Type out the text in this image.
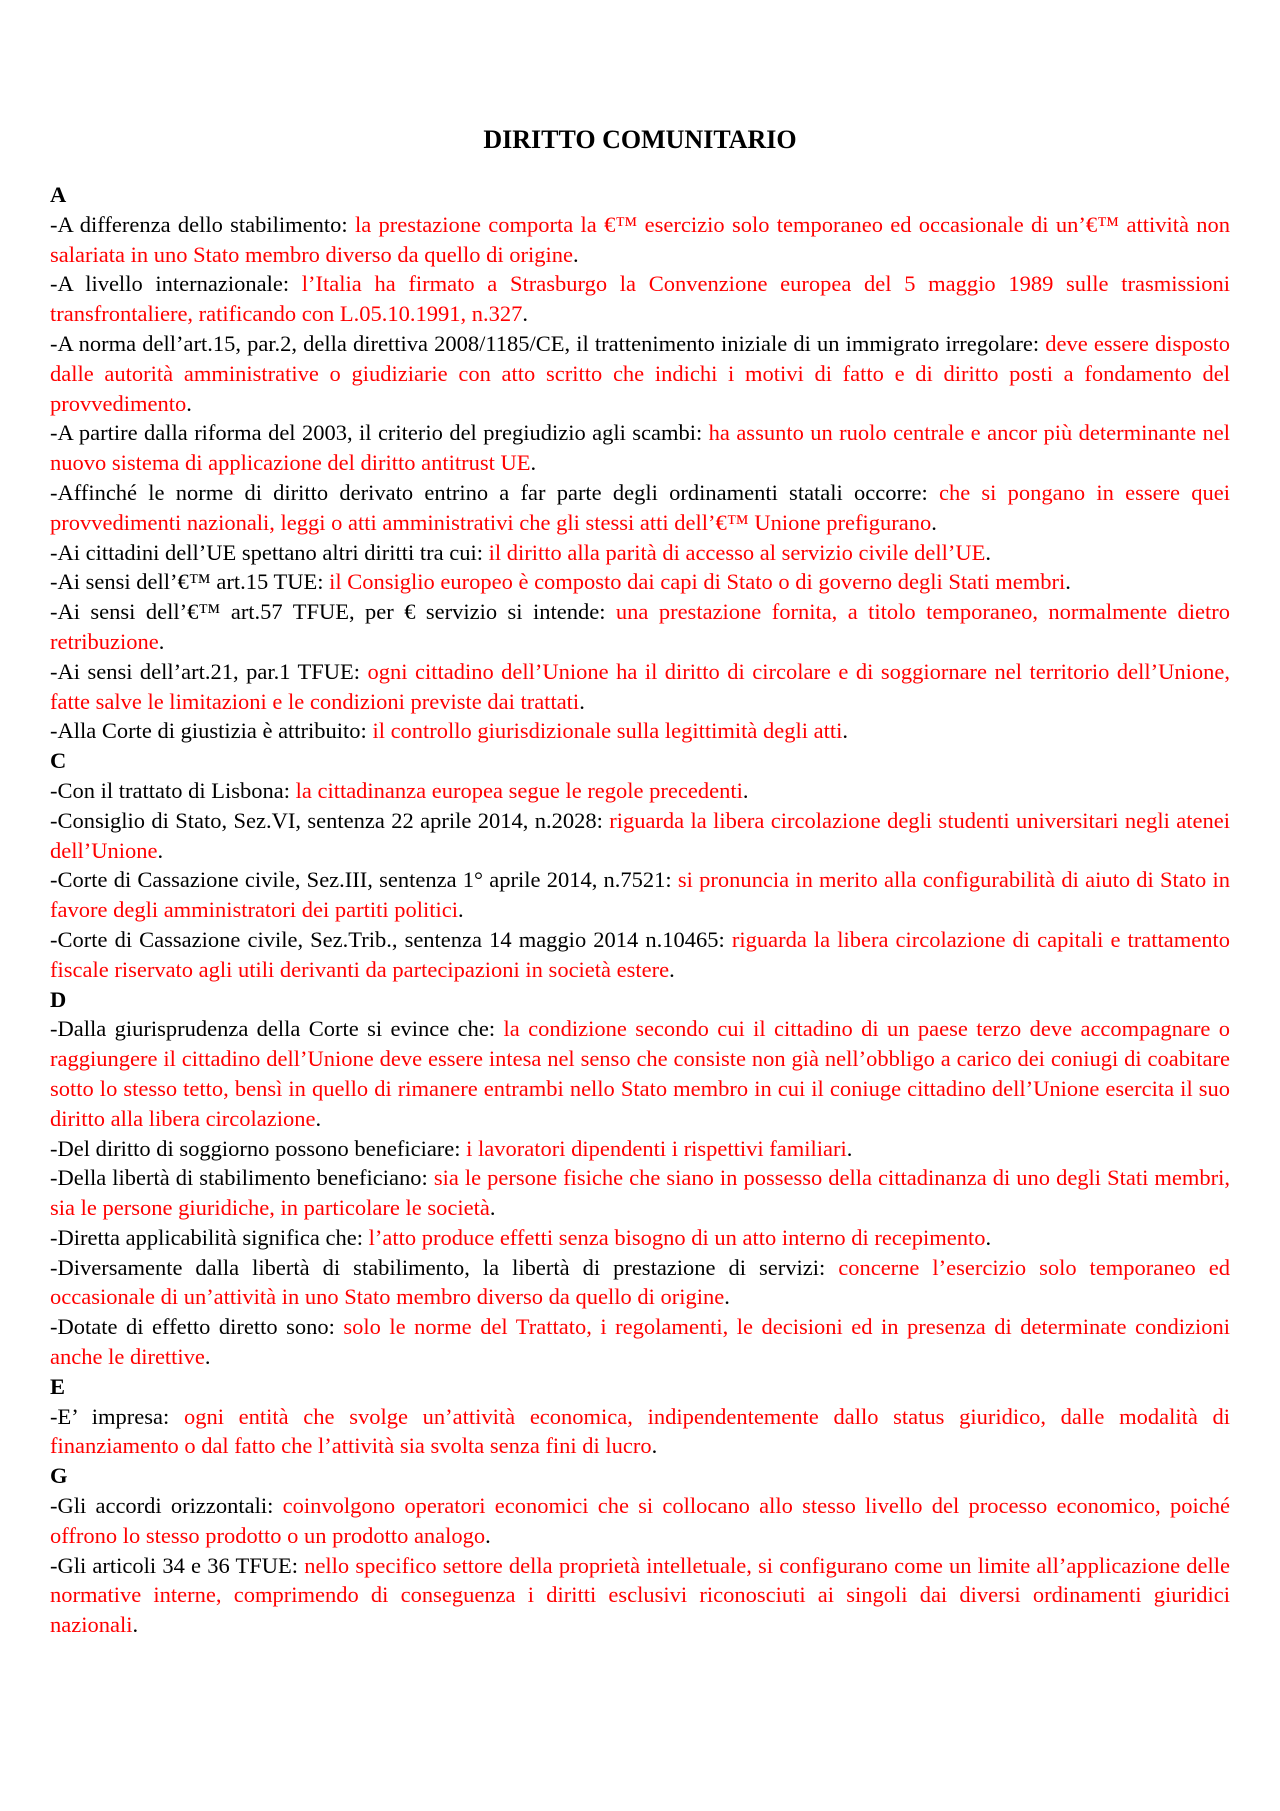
DIRITTO COMUNITARIO
A

-A differenza dello stabilimento: la prestazione comporta la €™ esercizio solo temporaneo ed occasionale di un’€™ attività non salariata in uno Stato membro diverso da quello di origine.

-A livello internazionale: l’Italia ha firmato a Strasburgo la Convenzione europea del 5 maggio 1989 sulle trasmissioni transfrontaliere, ratificando con L.05.10.1991, n.327.

-A norma dell’art.15, par.2, della direttiva 2008/1185/CE, il trattenimento iniziale di un immigrato irregolare: deve essere disposto dalle autorità amministrative o giudiziarie con atto scritto che indichi i motivi di fatto e di diritto posti a fondamento del provvedimento.

-A partire dalla riforma del 2003, il criterio del pregiudizio agli scambi: ha assunto un ruolo centrale e ancor più determinante nel nuovo sistema di applicazione del diritto antitrust UE.

-Affinché le norme di diritto derivato entrino a far parte degli ordinamenti statali occorre: che si pongano in essere quei provvedimenti nazionali, leggi o atti amministrativi che gli stessi atti dell’€™ Unione prefigurano.

-Ai cittadini dell’UE spettano altri diritti tra cui: il diritto alla parità di accesso al servizio civile dell’UE.

-Ai sensi dell’€™ art.15 TUE: il Consiglio europeo è composto dai capi di Stato o di governo degli Stati membri.

-Ai sensi dell’€™ art.57 TFUE, per € servizio si intende: una prestazione fornita, a titolo temporaneo, normalmente dietro retribuzione.

-Ai sensi dell’art.21, par.1 TFUE: ogni cittadino dell’Unione ha il diritto di circolare e di soggiornare nel territorio dell’Unione, fatte salve le limitazioni e le condizioni previste dai trattati.

-Alla Corte di giustizia è attribuito: il controllo giurisdizionale sulla legittimità degli atti.

C

-Con il trattato di Lisbona: la cittadinanza europea segue le regole precedenti.

-Consiglio di Stato, Sez.VI, sentenza 22 aprile 2014, n.2028: riguarda la libera circolazione degli studenti universitari negli atenei dell’Unione.

-Corte di Cassazione civile, Sez.III, sentenza 1° aprile 2014, n.7521: si pronuncia in merito alla configurabilità di aiuto di Stato in favore degli amministratori dei partiti politici.

-Corte di Cassazione civile, Sez.Trib., sentenza 14 maggio 2014 n.10465: riguarda la libera circolazione di capitali e trattamento fiscale riservato agli utili derivanti da partecipazioni in società estere.

D

-Dalla giurisprudenza della Corte si evince che: la condizione secondo cui il cittadino di un paese terzo deve accompagnare o raggiungere il cittadino dell’Unione deve essere intesa nel senso che consiste non già nell’obbligo a carico dei coniugi di coabitare sotto lo stesso tetto, bensì in quello di rimanere entrambi nello Stato membro in cui il coniuge cittadino dell’Unione esercita il suo diritto alla libera circolazione.

-Del diritto di soggiorno possono beneficiare: i lavoratori dipendenti i rispettivi familiari.

-Della libertà di stabilimento beneficiano: sia le persone fisiche che siano in possesso della cittadinanza di uno degli Stati membri, sia le persone giuridiche, in particolare le società.

-Diretta applicabilità significa che: l’atto produce effetti senza bisogno di un atto interno di recepimento.

-Diversamente dalla libertà di stabilimento, la libertà di prestazione di servizi: concerne l’esercizio solo temporaneo ed occasionale di un’attività in uno Stato membro diverso da quello di origine.

-Dotate di effetto diretto sono: solo le norme del Trattato, i regolamenti, le decisioni ed in presenza di determinate condizioni anche le direttive.

E

-E’ impresa: ogni entità che svolge un’attività economica, indipendentemente dallo status giuridico, dalle modalità di finanziamento o dal fatto che l’attività sia svolta senza fini di lucro.

G

-Gli accordi orizzontali: coinvolgono operatori economici che si collocano allo stesso livello del processo economico, poiché offrono lo stesso prodotto o un prodotto analogo.

-Gli articoli 34 e 36 TFUE: nello specifico settore della proprietà intelletuale, si configurano come un limite all’applicazione delle normative interne, comprimendo di conseguenza i diritti esclusivi riconosciuti ai singoli dai diversi ordinamenti giuridici nazionali.
